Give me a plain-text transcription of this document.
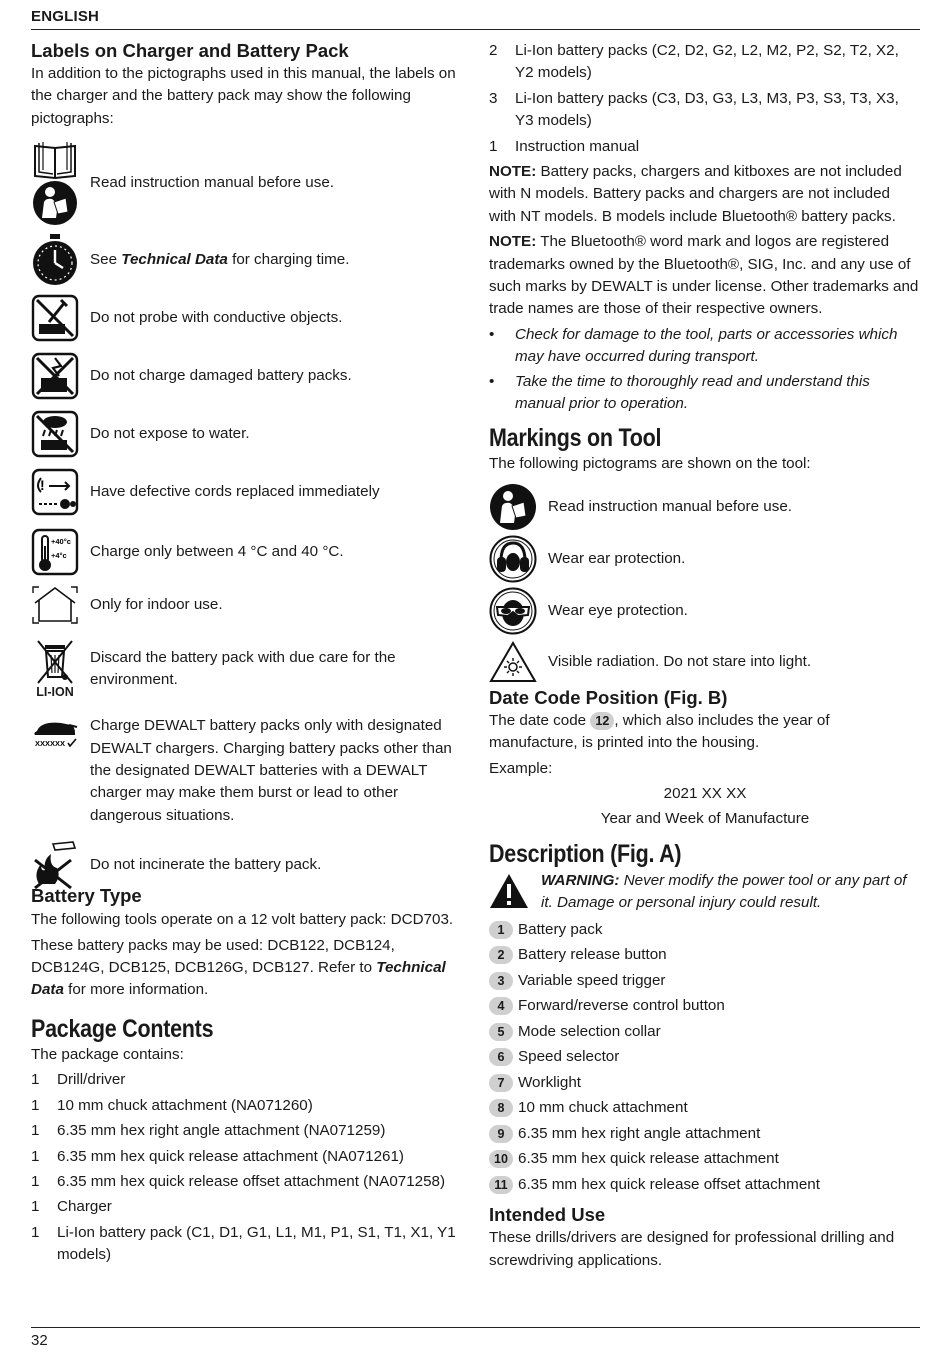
ENGLISH
Labels on Charger and Battery Pack

In addition to the pictographs used in this manual, the labels on the charger and the battery pack may show the following pictographs:

Read instruction manual before use.
See Technical Data for charging time.
Do not probe with conductive objects.
Do not charge damaged battery packs.
Do not expose to water.
!	Have defective cords replaced immediately
+40°c
+4°c Charge only between 4 °C and 40 °C.
Only for indoor use.
LI-ION
Discard the battery pack with due care for the environment.
XXXXXX
Charge DEWALT battery packs only with designated DEWALT chargers. Charging battery packs other than the designated DEWALT batteries with a DEWALT charger may make them burst or lead to other dangerous situations.
Do not incinerate the battery pack.
Battery Type

The following tools operate on a 12 volt battery pack: DCD703.

These battery packs may be used: DCB122, DCB124, DCB124G, DCB125, DCB126G, DCB127. Refer to Technical Data for more information.

Package Contents

The package contains:

1	Drill/driver
1	10 mm chuck attachment (NA071260)
1	6.35 mm hex right angle attachment (NA071259)
1	6.35 mm hex quick release attachment (NA071261)
1	6.35 mm hex quick release offset attachment (NA071258)
1	Charger
1	Li-Ion battery pack (C1, D1, G1, L1, M1, P1, S1, T1, X1, Y1 models)
2	Li-Ion battery packs (C2, D2, G2, L2, M2, P2, S2, T2, X2, Y2 models)
3	Li-Ion battery packs (C3, D3, G3, L3, M3, P3, S3, T3, X3, Y3 models)
1	Instruction manual

NOTE: Battery packs, chargers and kitboxes are not included with N models. Battery packs and chargers are not included with NT models. B models include Bluetooth® battery packs.

NOTE: The Bluetooth® word mark and logos are registered trademarks owned by the Bluetooth®, SIG, Inc. and any use of such marks by DEWALT is under license. Other trademarks and trade names are those of their respective owners.

•	Check for damage to the tool, parts or accessories which may have occurred during transport.
•	Take the time to thoroughly read and understand this manual prior to operation.
Markings on Tool

The following pictograms are shown on the tool:

Read instruction manual before use.
Wear ear protection.
Wear eye protection.
Visible radiation. Do not stare into light.
Date Code Position (Fig. B)

The date code 12 , which also includes the year of manufacture, is printed into the housing.

Example:

2021 XX XX

Year and Week of Manufacture

Description (Fig. A)

WARNING: Never modify the power tool or any part of it. Damage or personal injury could result.

1 Battery pack
2 Battery release button
3 Variable speed trigger
4 Forward/reverse control button
5 Mode selection collar
6 Speed selector
7 Worklight
8 10 mm chuck attachment
9 6.35 mm hex right angle attachment
10 6.35 mm hex quick release attachment
11 6.35 mm hex quick release offset attachment
Intended Use

These drills/drivers are designed for professional drilling and screwdriving applications.

32
